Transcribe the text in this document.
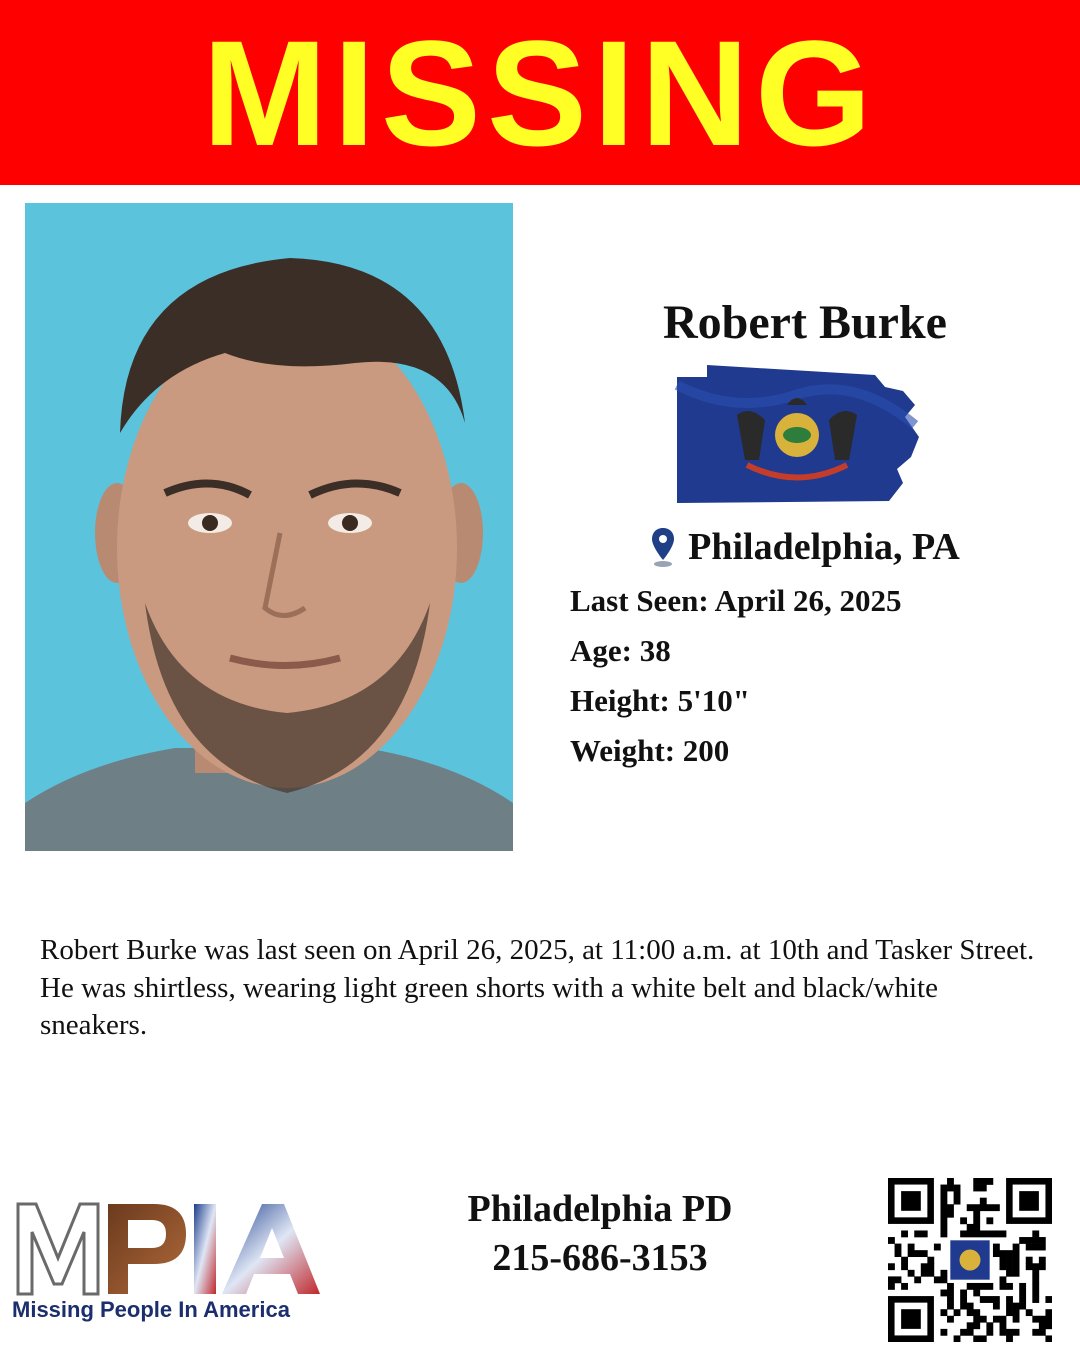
MISSING
Robert Burke
Philadelphia, PA
Last Seen: April 26, 2025
Age: 38
Height: 5'10"
Weight: 200
Robert Burke was last seen on April 26, 2025, at 11:00 a.m. at 10th and Tasker Street. He was shirtless, wearing light green shorts with a white belt and black/white sneakers.
Missing People In America
Philadelphia PD
215-686-3153
